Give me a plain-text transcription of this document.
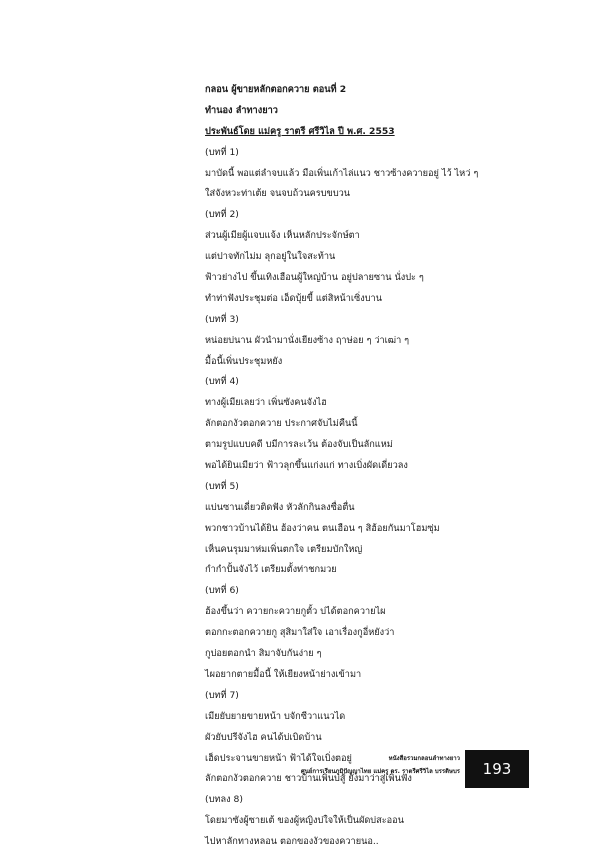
กลอน ผู้ขายหลักตอกควาย ตอนที่ 2
ทำนอง ลำทางยาว
ประพันธ์โดย แม่ครู ราตรี ศรีวิไล ปี พ.ศ. 2553
(บทที่ 1)
มาบัดนี้ พอแต่ลำจบแล้ว มือเพิ่นเก้าไล่แนว ชาวซ้างควายอยู่ ไว้ ไหว่ ๆ
ใส่จังหวะท่าเต้ย จนจบถ้วนครบขบวน
(บทที่ 2)
ส่วนผู้เมียผู้แจบแจ้ง เห็นหลักประจักษ์ตา
แต่ปาจทักไม่ม ลุกอยู่ในใจสะท้าน
ฟ้าวย่างไป ขึ้นเทิงเฮือนผู้ใหญ่บ้าน อยู่ปลายซาน นั่งปะ ๆ
ทำท่าฟังประชุมต่อ เอ็ดบุ้ยขี้ แต่สิหน้าเซิ่งบาน
(บทที่ 3)
หน่อยบ่นาน ผัวนำมานั่งเยียงซ้าง ฤาษ่อย ๆ ว่าเฒ่า ๆ
มื้อนี้เพิ่นประชุมหยัง
(บทที่ 4)
ทางผู้เมียเลยว่า เพิ่นซังคนจังไฮ
ลักตอกงัวตอกควาย ประกาศจับไม่คืนนี้
ตามรูปแบบคดี บมีการละเว้น ต้องจับเป็นลักแหม่
พอได้ยินเมียว่า ฟ้าวลุกขึ้นแก่งแก่ ทางเบิ่งผัดเดี่ยวลง
(บทที่ 5)
แบ่นซานเดี่ยวติดฟัง หัวลักกินลงซื่อตื่น
พวกชาวบ้านได้ยิน ฮ้องว่าคน ตนเฮือน ๆ สิฮ้อยกันมาโฮมซุ่ม
เห็นคนรุมมาห่มเพิ่นตกใจ เตรียมบักใหญ่
กำกำปั้นจังไว้ เตรียมตั้งท่าชกมวย
(บทที่ 6)
ฮ้องขึ้นว่า ควายกะควายกูตั้ว บ่ได้ตอกควายไผ
ตอกกะตอกควายกู สุสิมาใส่ใจ เอาเรื่องกูอี่หยังว่า
กูบ่อยตอกนำ สิมาจับกันง่าย ๆ
ไผอยากตายมื้อนี้ ให้เยียงหน้าย่างเข้ามา
(บทที่ 7)
เมียยับยายขายหน้า บจักซีวาแนวได
ผัวยับปรีจังไฮ คนได้บ่เบิดบ้าน
เฮ็ดประจานขายหน้า ฟ้าได้ใจเบิ่งตอยู่
ลักตอกงัวตอกควาย ชาวบ้านเพิ่นบ่สู้ ยังมาว่าสู่เพิ่นฟัง
(บทลง 8)
โดยมาซังผู้ซายเต้ ของผู้หญิงบ่ใจให้เป็นผัดบ่สะออน
ไปหาลักทางหลอน ตอกของงัวของควายนอ..
หนังสือรวมกลอนลำทางยาว
ศูนย์การเรียนภูมิปัญญาไทย แม่ครู ดร. ราตรีศรีวิไล บรรดิษบร	193
